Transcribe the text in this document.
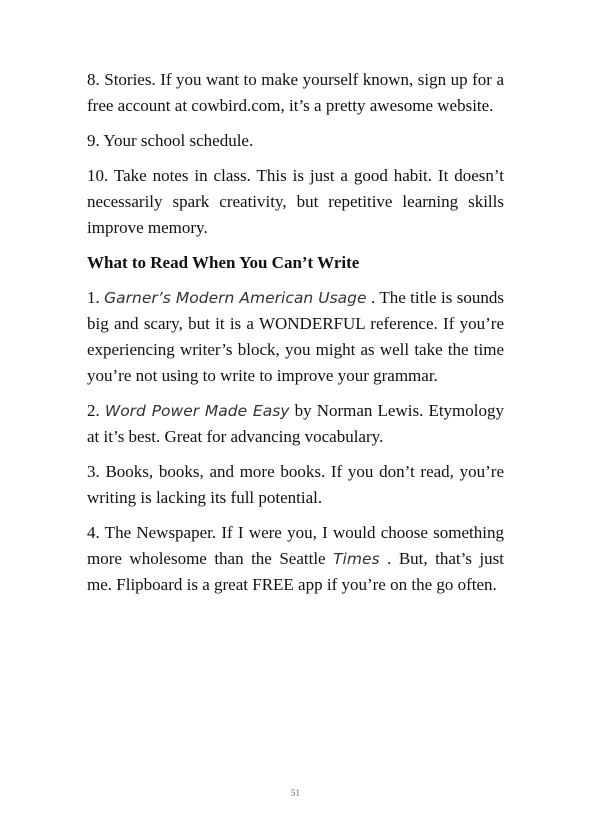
8. Stories. If you want to make yourself known, sign up for a free account at cowbird.com, it’s a pretty awesome website.

9. Your school schedule.

10. Take notes in class. This is just a good habit. It doesn’t necessarily spark creativity, but repetitive learning skills improve memory.

What to Read When You Can’t Write

1. Garner’s Modern American Usage . The title is sounds big and scary, but it is a WONDERFUL reference. If you’re experiencing writer’s block, you might as well take the time you’re not using to write to improve your grammar.

2. Word Power Made Easy by Norman Lewis. Etymology at it’s best. Great for advancing vocabulary.

3. Books, books, and more books. If you don’t read, you’re writing is lacking its full potential.

4. The Newspaper. If I were you, I would choose something more wholesome than the Seattle Times . But, that’s just me. Flipboard is a great FREE app if you’re on the go often.

51
